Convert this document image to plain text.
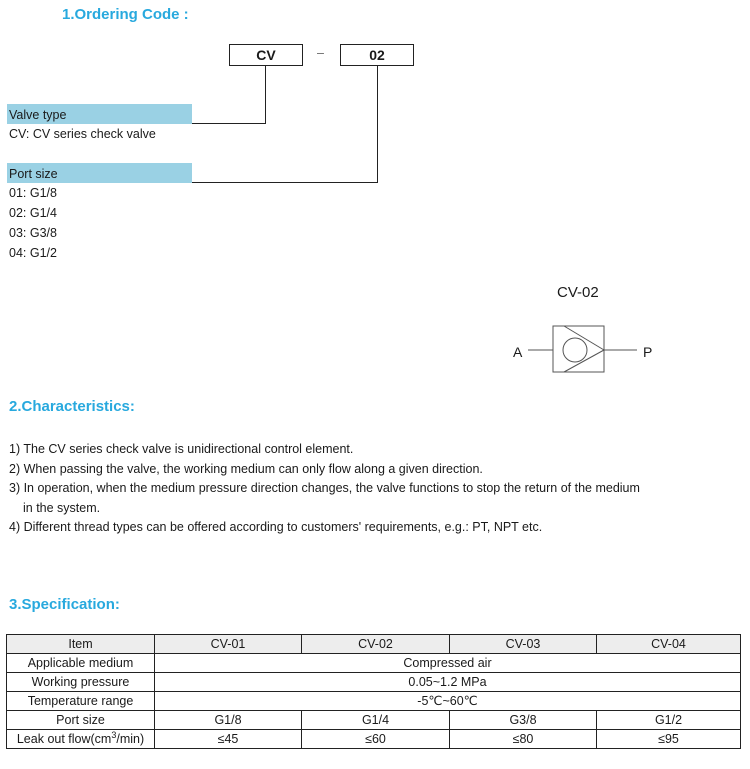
1.Ordering Code :
CV	–	02
Valve type
CV: CV series check valve
Port size
01: G1/8
02: G1/4
03: G3/8
04: G1/2
CV-02
A	P
2.Characteristics:
1) The CV series check valve is unidirectional control element.
2) When passing the valve, the working medium can only flow along a given direction.
3) In operation, when the medium pressure direction changes, the valve functions to stop the return of the medium
in the system.
4) Different thread types can be offered according to customers' requirements, e.g.: PT, NPT etc.
3.Specification:
Item	CV-01	CV-02	CV-03	CV-04
Applicable medium	Compressed air			
Working pressure	0.05~1.2 MPa			
Temperature range	-5℃~60℃			
Port size	G1/8	G1/4	G3/8	G1/2
Leak out $flow(cm^3/\min)$	≤45	≤60	≤80	≤95
